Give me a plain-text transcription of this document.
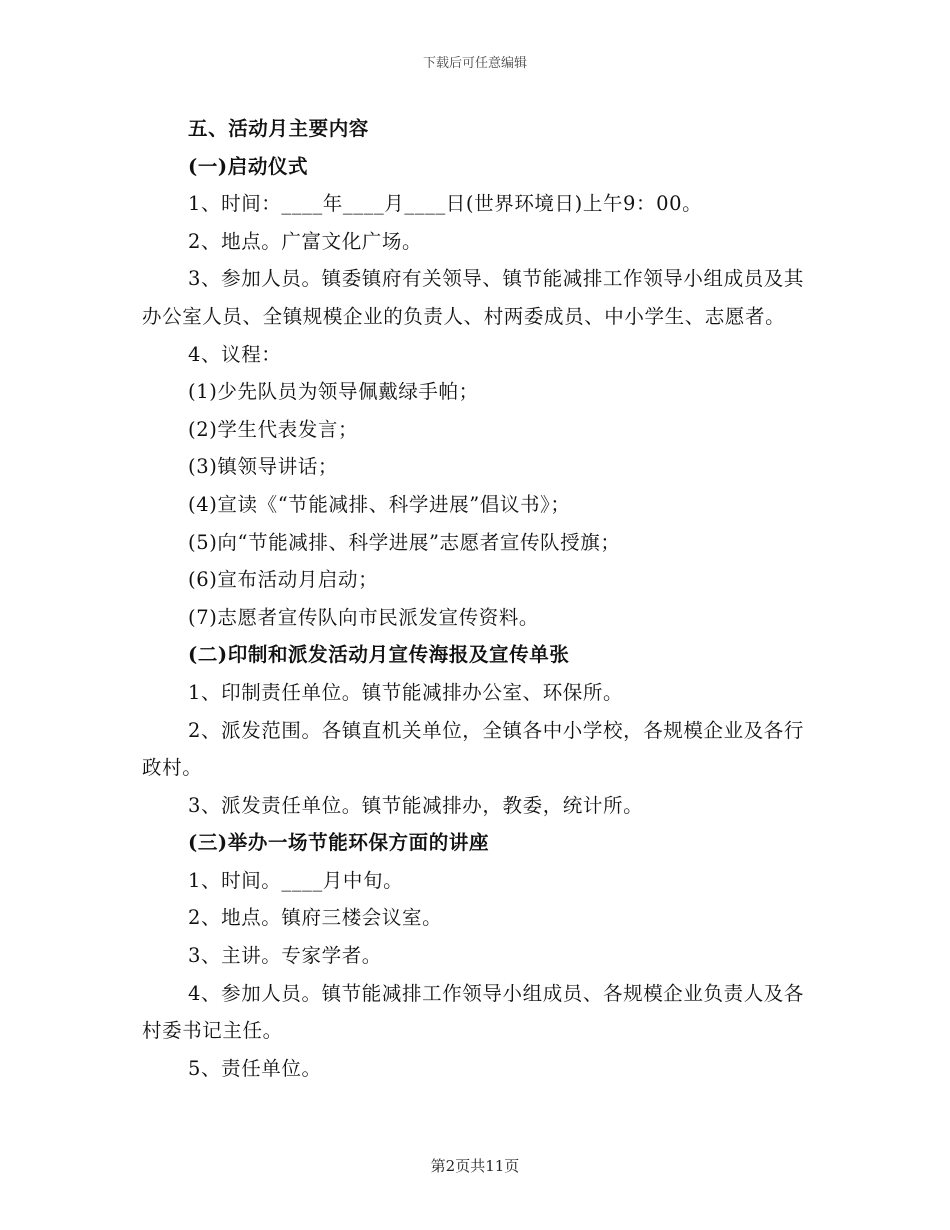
下载后可任意编辑

五、活动月主要内容

(一)启动仪式

1、时间：____年____月____日(世界环境日)上午9：00。

2、地点。广富文化广场。

3、参加人员。镇委镇府有关领导、镇节能减排工作领导小组成员及其办公室人员、全镇规模企业的负责人、村两委成员、中小学生、志愿者。

4、议程：

(1)少先队员为领导佩戴绿手帕；

(2)学生代表发言；

(3)镇领导讲话；

(4)宣读《“节能减排、科学进展”倡议书》；

(5)向“节能减排、科学进展”志愿者宣传队授旗；

(6)宣布活动月启动；

(7)志愿者宣传队向市民派发宣传资料。

(二)印制和派发活动月宣传海报及宣传单张

1、印制责任单位。镇节能减排办公室、环保所。

2、派发范围。各镇直机关单位，全镇各中小学校，各规模企业及各行政村。

3、派发责任单位。镇节能减排办，教委，统计所。

(三)举办一场节能环保方面的讲座

1、时间。____月中旬。

2、地点。镇府三楼会议室。

3、主讲。专家学者。

4、参加人员。镇节能减排工作领导小组成员、各规模企业负责人及各村委书记主任。

5、责任单位。

第2页共11页
